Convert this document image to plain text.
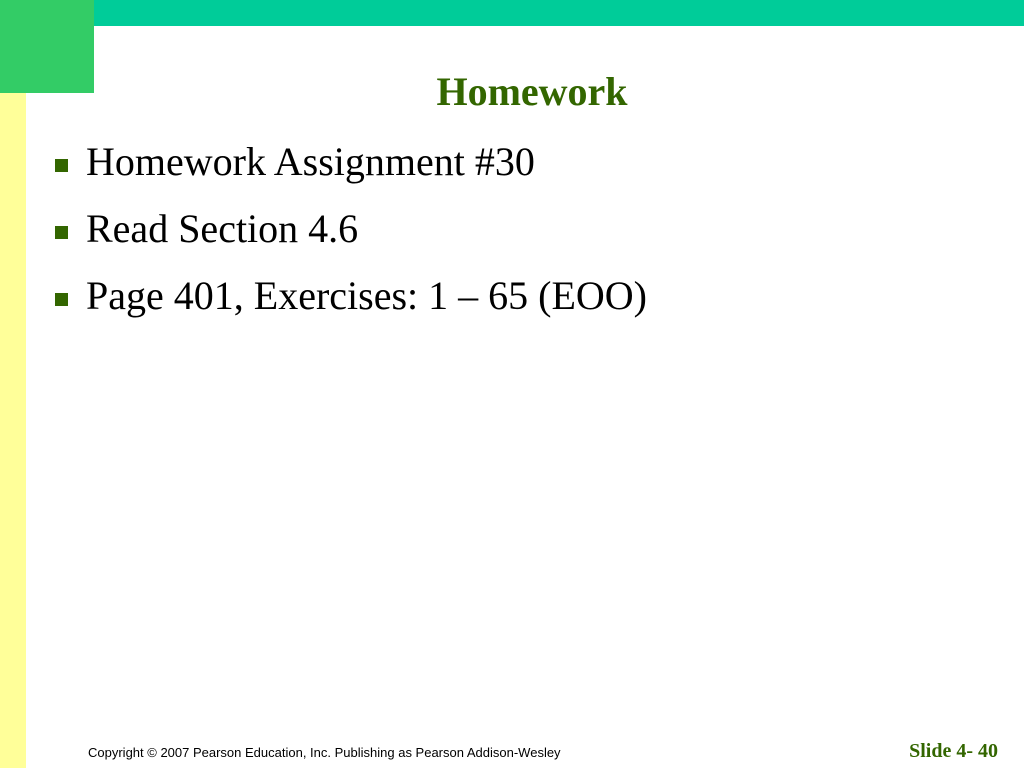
Homework
Homework Assignment #30
Read Section 4.6
Page 401, Exercises: 1 – 65 (EOO)
Copyright © 2007 Pearson Education, Inc. Publishing as Pearson Addison-Wesley	Slide 4- 40
